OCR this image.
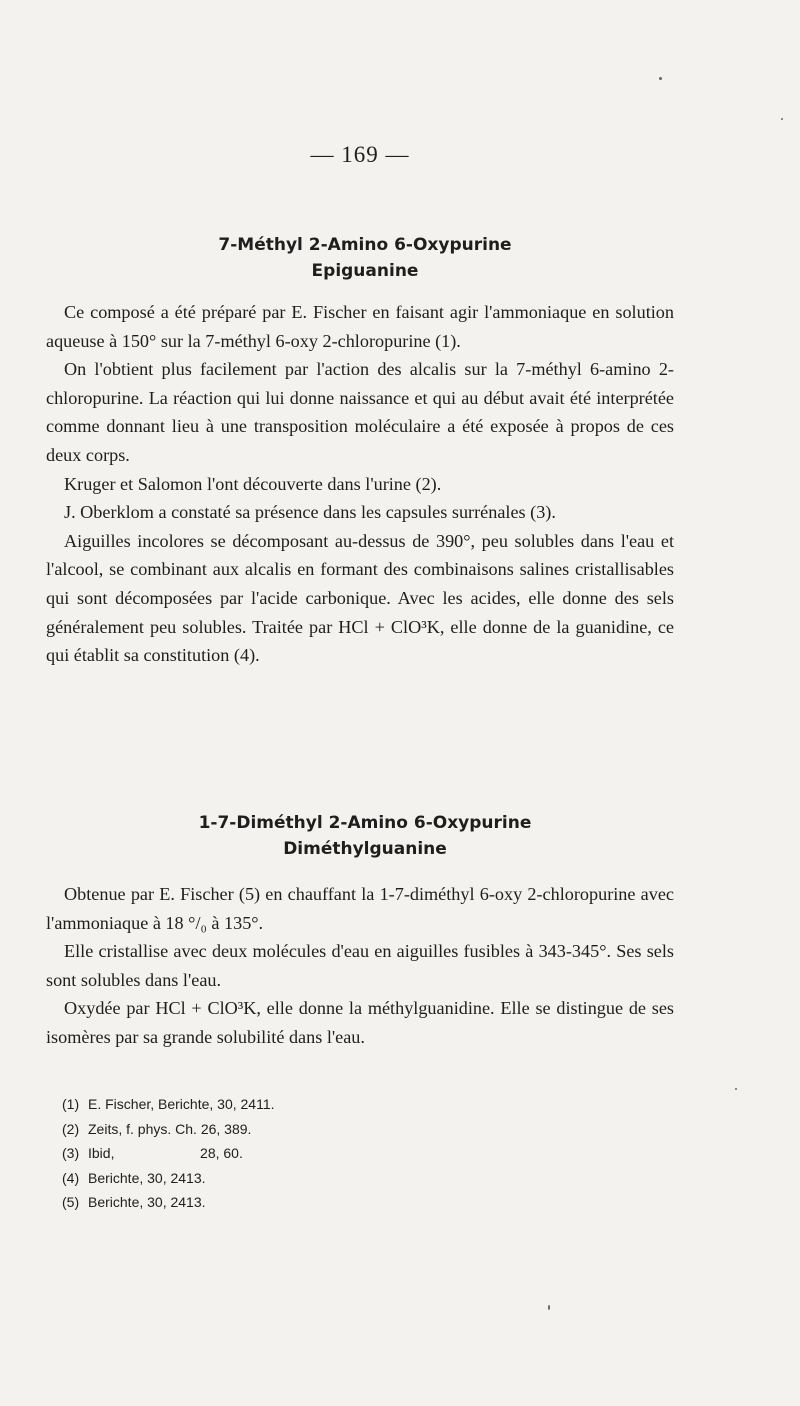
— 169 —
7-Méthyl 2-Amino 6-Oxypurine
Epiguanine

Ce composé a été préparé par E. Fischer en faisant agir l'ammoniaque en solution aqueuse à 150° sur la 7-méthyl 6-oxy 2-chloropurine (1).

On l'obtient plus facilement par l'action des alcalis sur la 7-méthyl 6-amino 2-chloropurine. La réaction qui lui donne naissance et qui au début avait été interprétée comme donnant lieu à une transposition moléculaire a été exposée à propos de ces deux corps.

Kruger et Salomon l'ont découverte dans l'urine (2).

J. Oberklom a constaté sa présence dans les capsules surrénales (3).

Aiguilles incolores se décomposant au-dessus de 390°, peu solubles dans l'eau et l'alcool, se combinant aux alcalis en formant des combinaisons salines cristallisables qui sont décomposées par l'acide carbonique. Avec les acides, elle donne des sels généralement peu solubles. Traitée par HCl + ClO³K, elle donne de la guanidine, ce qui établit sa constitution (4).

1-7-Diméthyl 2-Amino 6-Oxypurine
Diméthylguanine

Obtenue par E. Fischer (5) en chauffant la 1-7-diméthyl 6-oxy 2-chloropurine avec l'ammoniaque à 18 °/₀ à 135°.

Elle cristallise avec deux molécules d'eau en aiguilles fusibles à 343-345°. Ses sels sont solubles dans l'eau.

Oxydée par HCl + ClO³K, elle donne la méthylguanidine. Elle se distingue de ses isomères par sa grande solubilité dans l'eau.

(1) E. Fischer, Berichte, 30, 2411.
(2) Zeits, f. phys. Ch. 26, 389.
(3) Ibid,                      28, 60.
(4) Berichte, 30, 2413.
(5) Berichte, 30, 2413.
